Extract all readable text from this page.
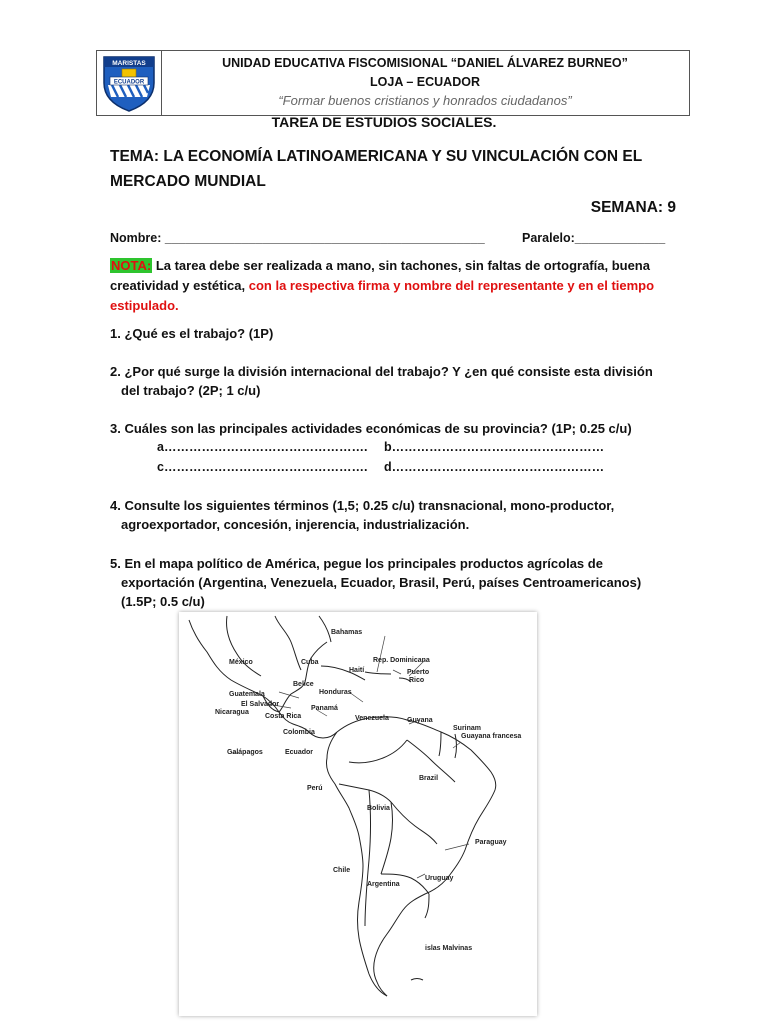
MARISTAS
ECUADOR
UNIDAD EDUCATIVA FISCOMISIONAL “DANIEL ÁLVAREZ BURNEO”
LOJA – ECUADOR
“Formar buenos cristianos y honrados ciudadanos”
TAREA DE ESTUDIOS SOCIALES.
TEMA: LA ECONOMÍA LATINOAMERICANA Y SU VINCULACIÓN CON EL MERCADO MUNDIAL
SEMANA: 9
Nombre: ______________________________________________	Paralelo:_____________
NOTA: La tarea debe ser realizada a mano, sin tachones, sin faltas de ortografía, buena creatividad y estética, con la respectiva firma y nombre del representante y en el tiempo estipulado.
1. ¿Qué es el trabajo? (1P)
2. ¿Por qué surge la división internacional del trabajo? Y ¿en qué consiste esta división
del trabajo? (2P; 1 c/u)
3. Cuáles son las principales actividades económicas de su provincia? (1P; 0.25 c/u)
a…………………………………………. b……………………………………………
c…………………………………………. d……………………………………………
4. Consulte los siguientes términos (1,5; 0.25 c/u) transnacional, mono-productor,
agroexportador, concesión, injerencia, industrialización.
5. En el mapa político de América, pegue los principales productos agrícolas de
exportación (Argentina, Venezuela, Ecuador, Brasil, Perú, países Centroamericanos)
(1.5P; 0.5 c/u)
Bahamas
México	Cuba
Haití
Rep. Dominicana
Puerto
Rico
Belice
Honduras
Guatemala
El Salvador
Nicaragua
Costa Rica
Panamá
Venezuela	Guyana
Surinam
Guayana francesa
Colombia
Galápagos	Ecuador
Brazil
Perú
Bolivia
Paraguay
Chile
Argentina
Uruguay
islas Malvinas
